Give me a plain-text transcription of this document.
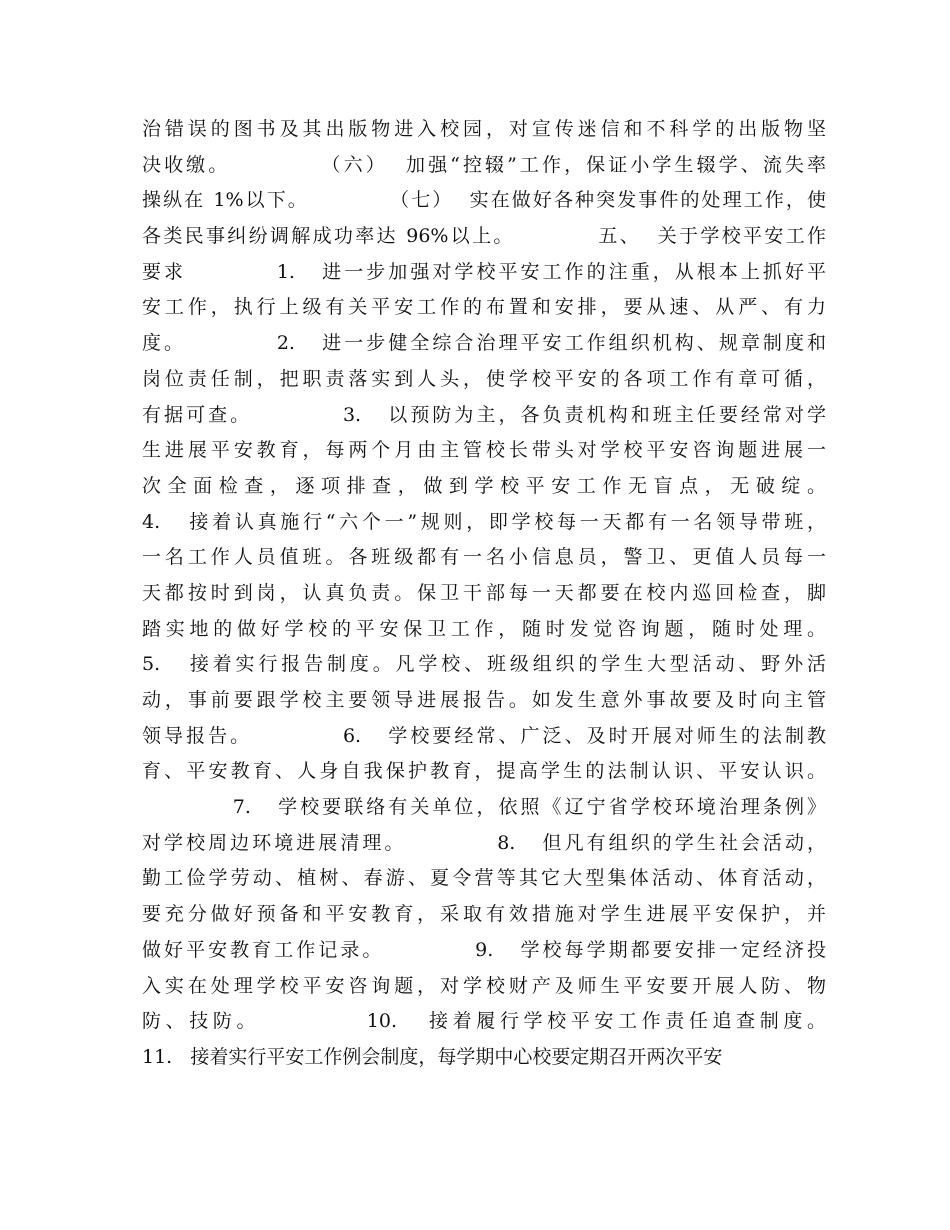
治错误的图书及其出版物进入校园，对宣传迷信和不科学的出版物坚
决收缴。          （六）  加强“控辍”工作，保证小学生辍学、流失率
操纵在 1%以下。          （七）  实在做好各种突发事件的处理工作，使
各类民事纠纷调解成功率达 96%以上。          五、  关于学校平安工作
要求          1.   进一步加强对学校平安工作的注重，从根本上抓好平
安工作，执行上级有关平安工作的布置和安排，要从速、从严、有力
度。          2.   进一步健全综合治理平安工作组织机构、规章制度和
岗位责任制，把职责落实到人头，使学校平安的各项工作有章可循，
有据可查。          3.   以预防为主，各负责机构和班主任要经常对学
生进展平安教育，每两个月由主管校长带头对学校平安咨询题进展一
次全面检查，逐项排查，做到学校平安工作无盲点，无破绽。
4.   接着认真施行“六个一”规则，即学校每一天都有一名领导带班，
一名工作人员值班。各班级都有一名小信息员，警卫、更值人员每一
天都按时到岗，认真负责。保卫干部每一天都要在校内巡回检查，脚
踏实地的做好学校的平安保卫工作，随时发觉咨询题，随时处理。
5.   接着实行报告制度。凡学校、班级组织的学生大型活动、野外活
动，事前要跟学校主要领导进展报告。如发生意外事故要及时向主管
领导报告。          6.   学校要经常、广泛、及时开展对师生的法制教
育、平安教育、人身自我保护教育，提高学生的法制认识、平安认识。
7.   学校要联络有关单位，依照《辽宁省学校环境治理条例》
对学校周边环境进展清理。          8.   但凡有组织的学生社会活动，
勤工俭学劳动、植树、春游、夏令营等其它大型集体活动、体育活动，
要充分做好预备和平安教育，采取有效措施对学生进展平安保护，并
做好平安教育工作记录。          9.   学校每学期都要安排一定经济投
入实在处理学校平安咨询题，对学校财产及师生平安要开展人防、物
防、技防。          10.   接着履行学校平安工作责任追查制度。
11.   接着实行平安工作例会制度，每学期中心校要定期召开两次平安
